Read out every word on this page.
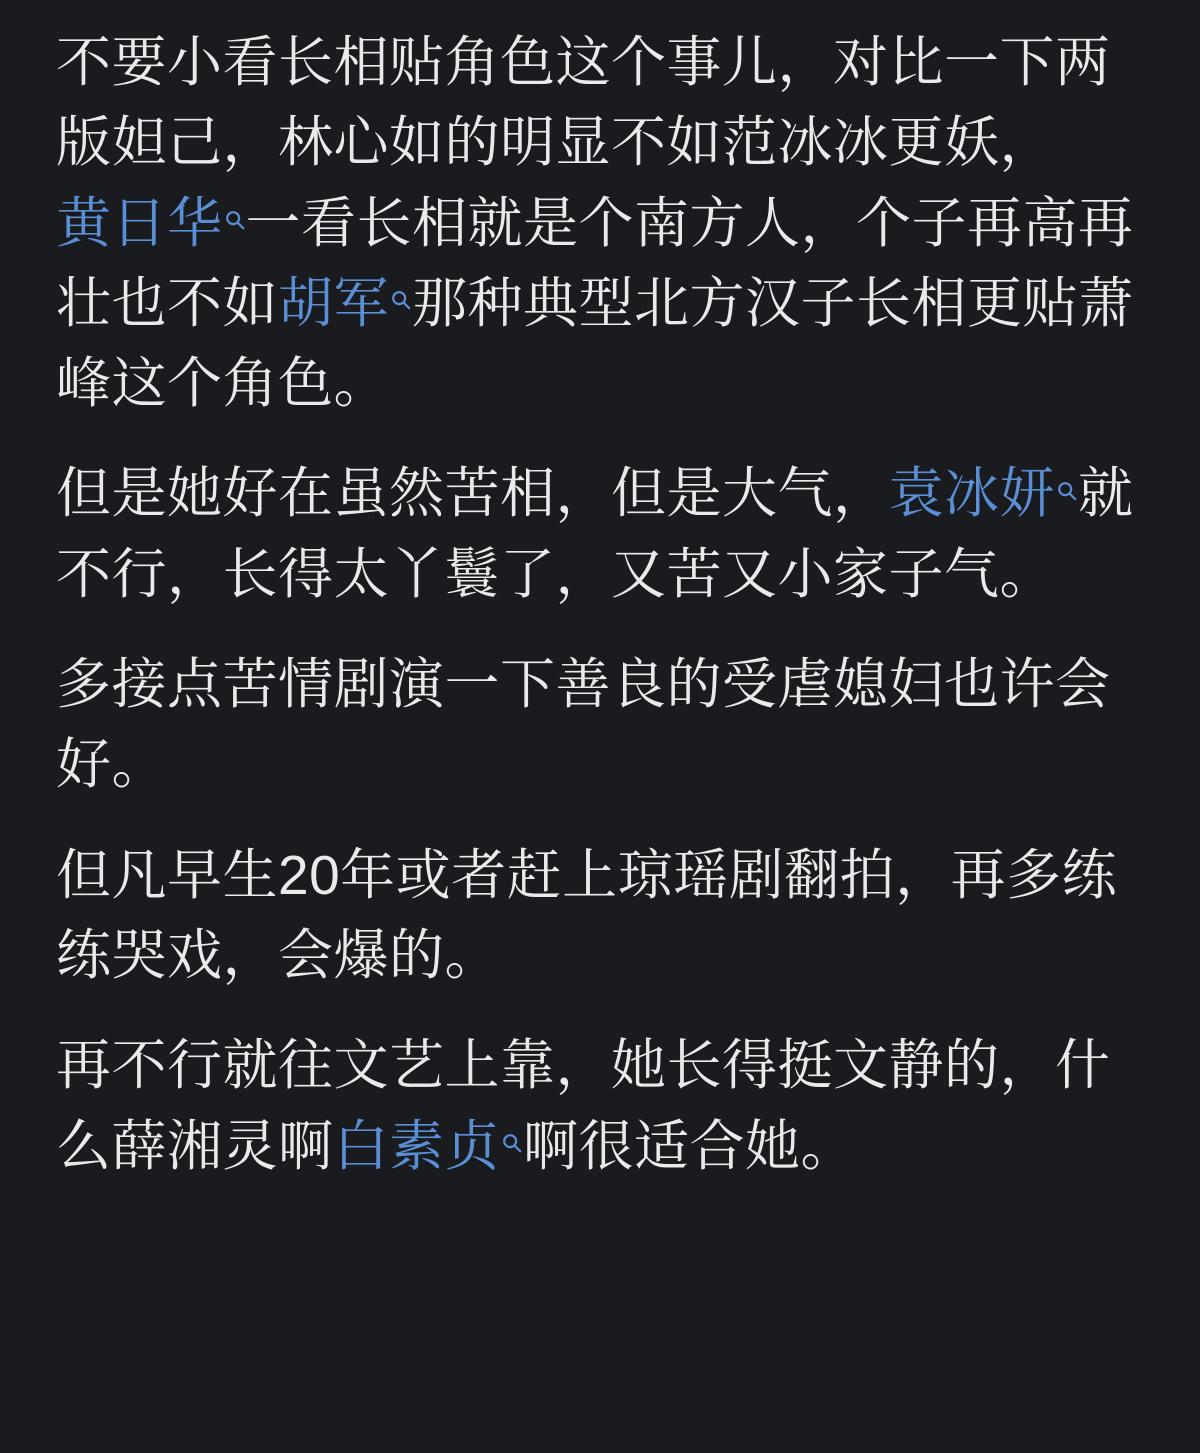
不要小看长相贴角色这个事儿，对比一下两版妲己，林心如的明显不如范冰冰更妖，黄日华 一看长相就是个南方人，个子再高再壮也不如胡军 那种典型北方汉子长相更贴萧峰这个角色。
但是她好在虽然苦相，但是大气，袁冰妍 就不行，长得太丫鬟了，又苦又小家子气。
多接点苦情剧演一下善良的受虐媳妇也许会好。
但凡早生20年或者赶上琼瑶剧翻拍，再多练练哭戏，会爆的。
再不行就往文艺上靠，她长得挺文静的，什么薛湘灵啊白素贞 啊很适合她。
